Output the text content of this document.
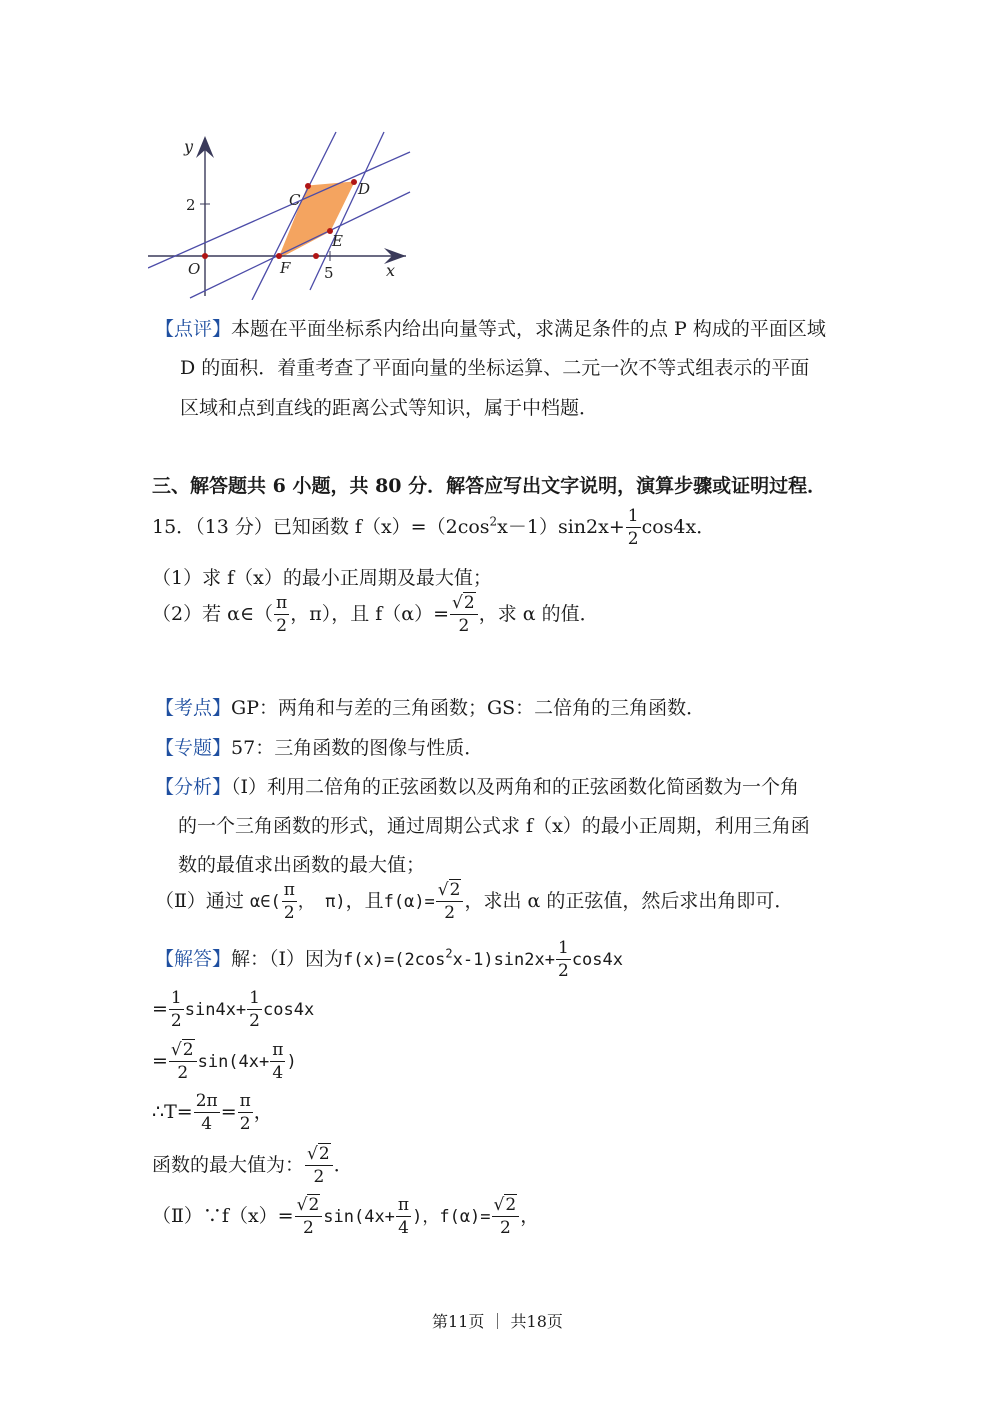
y
x
O
2
5
C
D
E
F
【点评】本题在平面坐标系内给出向量等式，求满足条件的点 P 构成的平面区域
D 的面积．着重考查了平面向量的坐标运算、二元一次不等式组表示的平面
区域和点到直线的距离公式等知识，属于中档题．
三、解答题共 6 小题，共 80 分．解答应写出文字说明，演算步骤或证明过程．
15．（13 分）已知函数 $f(x)=(2\cos^2x-1)\sin 2x+ \frac{1}{2} \cos 4x$．
（1）求 f（x）的最小正周期及最大值；
（2）若 α∈（ $\frac{\pi}{2}$ ，π），且 $f(\alpha)= \frac{√2}{2}$ ，求 α 的值．
【考点】GP：两角和与差的三角函数；GS：二倍角的三角函数．
【专题】57：三角函数的图像与性质．
【分析】（Ⅰ）利用二倍角的正弦函数以及两角和的正弦函数化简函数为一个角
的一个三角函数的形式，通过周期公式求 f（x）的最小正周期，利用三角函
数的最值求出函数的最大值；
（Ⅱ）通过 α∈( $\frac{\pi}{2}$ ， π)，且$f(\alpha)= \frac{√2}{2}$ ，求出 α 的正弦值，然后求出角即可．
【解答】解：（Ⅰ）因为$f(x)=(2\cos^2x-1)\sin 2x+ \frac{1}{2} \cos 4x$
= $\frac{1}{2} \sin 4x+ \frac{1}{2} \cos 4x$
= $\frac{√2}{2} \sin(4x+ \frac{\pi}{4}$ )
∴T= $\frac{2\pi}{4} = \frac{\pi}{2}$ ，
函数的最大值为： $\frac{√2}{2}$ ．
（Ⅱ）∵f（x）= $\frac{√2}{2} \sin(4x+ \frac{\pi}{4}$ )，$f(\alpha)= \frac{√2}{2}$ ，
第11页 ｜ 共18页
